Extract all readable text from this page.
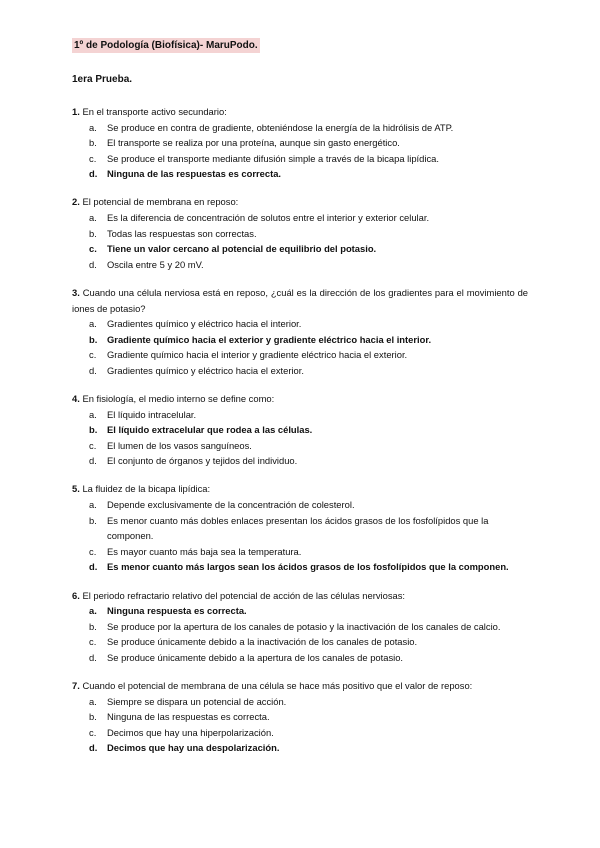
1º de Podología (Biofísica)- MaruPodo.
1era Prueba.
1. En el transporte activo secundario:
a.	Se produce en contra de gradiente, obteniéndose la energía de la hidrólisis de ATP.
b.	El transporte se realiza por una proteína, aunque sin gasto energético.
c.	Se produce el transporte mediante difusión simple a través de la bicapa lipídica.
d.	Ninguna de las respuestas es correcta.
2. El potencial de membrana en reposo:
a.	Es la diferencia de concentración de solutos entre el interior y exterior celular.
b.	Todas las respuestas son correctas.
c.	Tiene un valor cercano al potencial de equilibrio del potasio.
d.	Oscila entre 5 y 20 mV.
3. Cuando una célula nerviosa está en reposo, ¿cuál es la dirección de los gradientes para el movimiento de iones de potasio?
a.	Gradientes químico y eléctrico hacia el interior.
b.	Gradiente químico hacia el exterior y gradiente eléctrico hacia el interior.
c.	Gradiente químico hacia el interior y gradiente eléctrico hacia el exterior.
d.	Gradientes químico y eléctrico hacia el exterior.
4. En fisiología, el medio interno se define como:
a.	El líquido intracelular.
b.	El líquido extracelular que rodea a las células.
c.	El lumen de los vasos sanguíneos.
d.	El conjunto de órganos y tejidos del individuo.
5. La fluidez de la bicapa lipídica:
a.	Depende exclusivamente de la concentración de colesterol.
b.	Es menor cuanto más dobles enlaces presentan los ácidos grasos de los fosfolípidos que la componen.
c.	Es mayor cuanto más baja sea la temperatura.
d.	Es menor cuanto más largos sean los ácidos grasos de los fosfolípidos que la componen.
6. El periodo refractario relativo del potencial de acción de las células nerviosas:
a.	Ninguna respuesta es correcta.
b.	Se produce por la apertura de los canales de potasio y la inactivación de los canales de calcio.
c.	Se produce únicamente debido a la inactivación de los canales de potasio.
d.	Se produce únicamente debido a la apertura de los canales de potasio.
7. Cuando el potencial de membrana de una célula se hace más positivo que el valor de reposo:
a.	Siempre se dispara un potencial de acción.
b.	Ninguna de las respuestas es correcta.
c.	Decimos que hay una hiperpolarización.
d.	Decimos que hay una despolarización.
